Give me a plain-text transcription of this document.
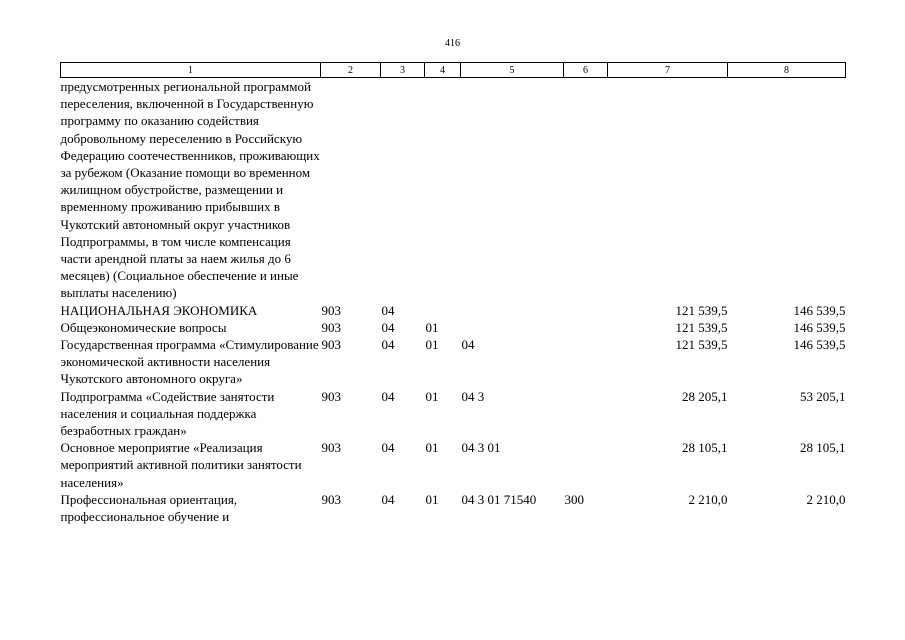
416
1	2	3	4	5	6	7	8
предусмотренных региональной программой переселения, включенной в Государственную программу по оказанию содействия добровольному переселению в Российскую Федерацию соотечественников, проживающих за рубежом (Оказание помощи во временном жилищном обустройстве, размещении и временному проживанию прибывших в Чукотский автономный округ участников Подпрограммы, в том числе компенсация части арендной платы за наем жилья до 6 месяцев) (Социальное обеспечение и иные выплаты населению)							
НАЦИОНАЛЬНАЯ ЭКОНОМИКА	903	04				121 539,5	146 539,5
Общеэкономические вопросы	903	04	01			121 539,5	146 539,5
Государственная программа «Стимулирование экономической активности населения Чукотского автономного округа»	903	04	01	04		121 539,5	146 539,5
Подпрограмма «Содействие занятости населения и социальная поддержка безработных граждан»	903	04	01	04 3		28 205,1	53 205,1
Основное мероприятие «Реализация мероприятий активной политики занятости населения»	903	04	01	04 3 01		28 105,1	28 105,1
Профессиональная ориентация, профессиональное обучение и	903	04	01	04 3 01 71540	300	2 210,0	2 210,0
